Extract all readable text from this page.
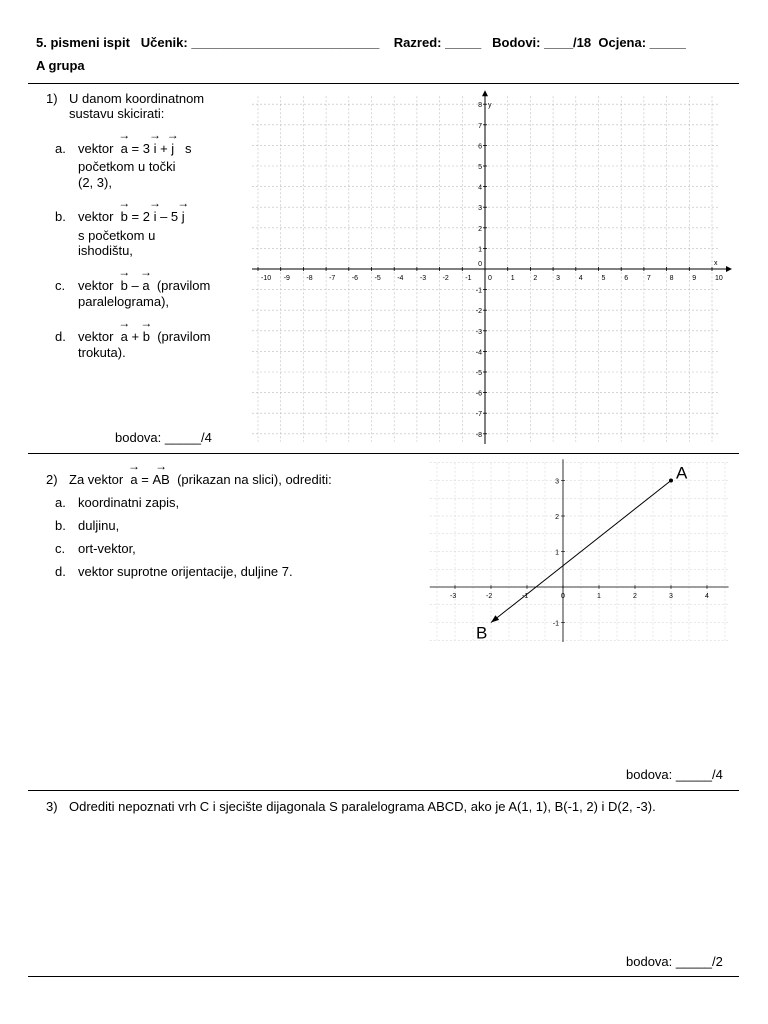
5. pismeni ispit Učenik: __________________________ Razred: _____ Bodovi: ____/18 Ocjena: _____
A grupa
1) U danom koordinatnom
sustavu skicirati:
a. vektor → a = 3 → i + → j s
početkom u točki
(2, 3),
b. vektor → b = 2 → i – 5 → j
s početkom u
ishodištu,
c. vektor → b – → a (pravilom
paralelograma),
d. vektor → a + → b (pravilom
trokuta).
bodova: _____/4
-10 -9 -8 -7 -6 -5 -4 -3 -2 -1 0	1	2	3	4	5	6	7	8	9	10
-8
-7
-6
-5
-4
-3
-2
-1
1
2
3
4
5
6
7
8
0	x
y
2) Za vektor → a = → AB (prikazan na slici), odrediti:
a. koordinatni zapis,
b. duljinu,
c. ort-vektor,
d. vektor suprotne orijentacije, duljine 7.
-3	-2	-1	0	1	2	3	4
-1
1
2
3	A
B
bodova: _____/4
3) Odrediti nepoznati vrh C i sjecište dijagonala S paralelograma ABCD, ako je A(1, 1), B(-1, 2) i D(2, -3).
bodova: _____/2
